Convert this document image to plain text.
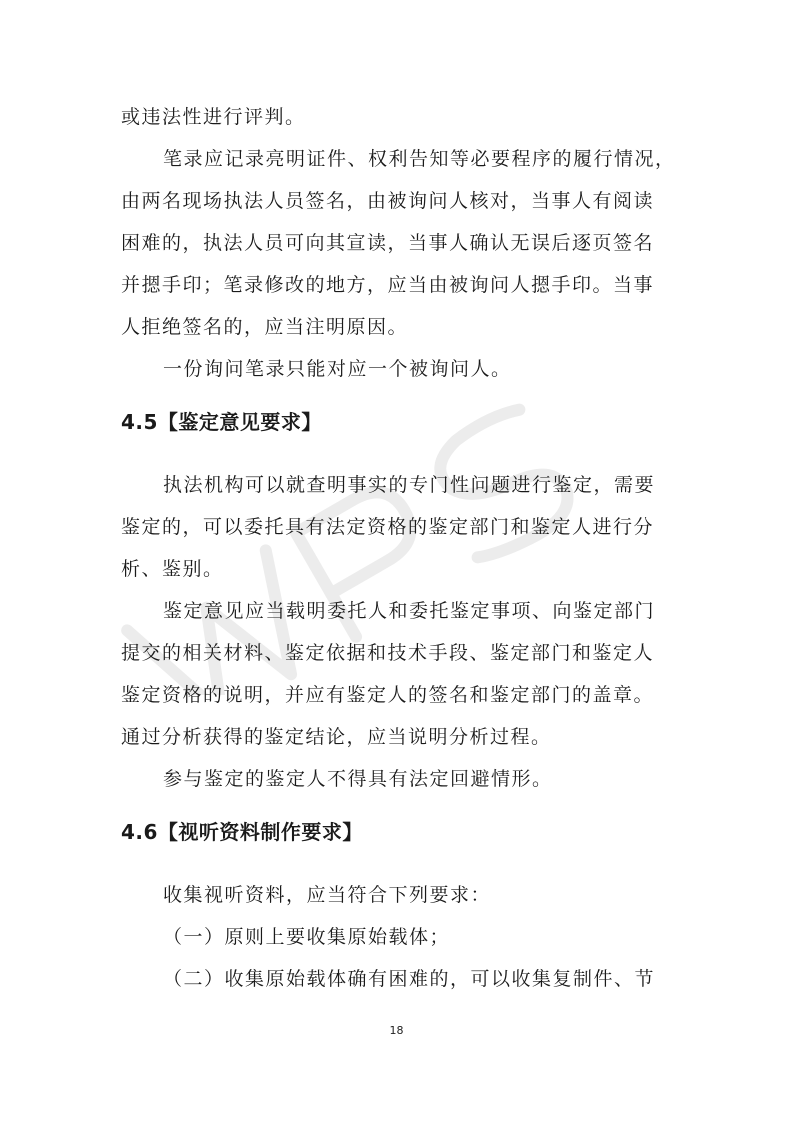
或违法性进行评判。
笔录应记录亮明证件、权利告知等必要程序的履行情况，
由两名现场执法人员签名，由被询问人核对，当事人有阅读
困难的，执法人员可向其宣读，当事人确认无误后逐页签名
并摁手印；笔录修改的地方，应当由被询问人摁手印。当事
人拒绝签名的，应当注明原因。
一份询问笔录只能对应一个被询问人。
4.5【鉴定意见要求】
执法机构可以就查明事实的专门性问题进行鉴定，需要
鉴定的，可以委托具有法定资格的鉴定部门和鉴定人进行分
析、鉴别。
鉴定意见应当载明委托人和委托鉴定事项、向鉴定部门
提交的相关材料、鉴定依据和技术手段、鉴定部门和鉴定人
鉴定资格的说明，并应有鉴定人的签名和鉴定部门的盖章。
通过分析获得的鉴定结论，应当说明分析过程。
参与鉴定的鉴定人不得具有法定回避情形。
4.6【视听资料制作要求】
收集视听资料，应当符合下列要求：
（一）原则上要收集原始载体；
（二）收集原始载体确有困难的，可以收集复制件、节
18
